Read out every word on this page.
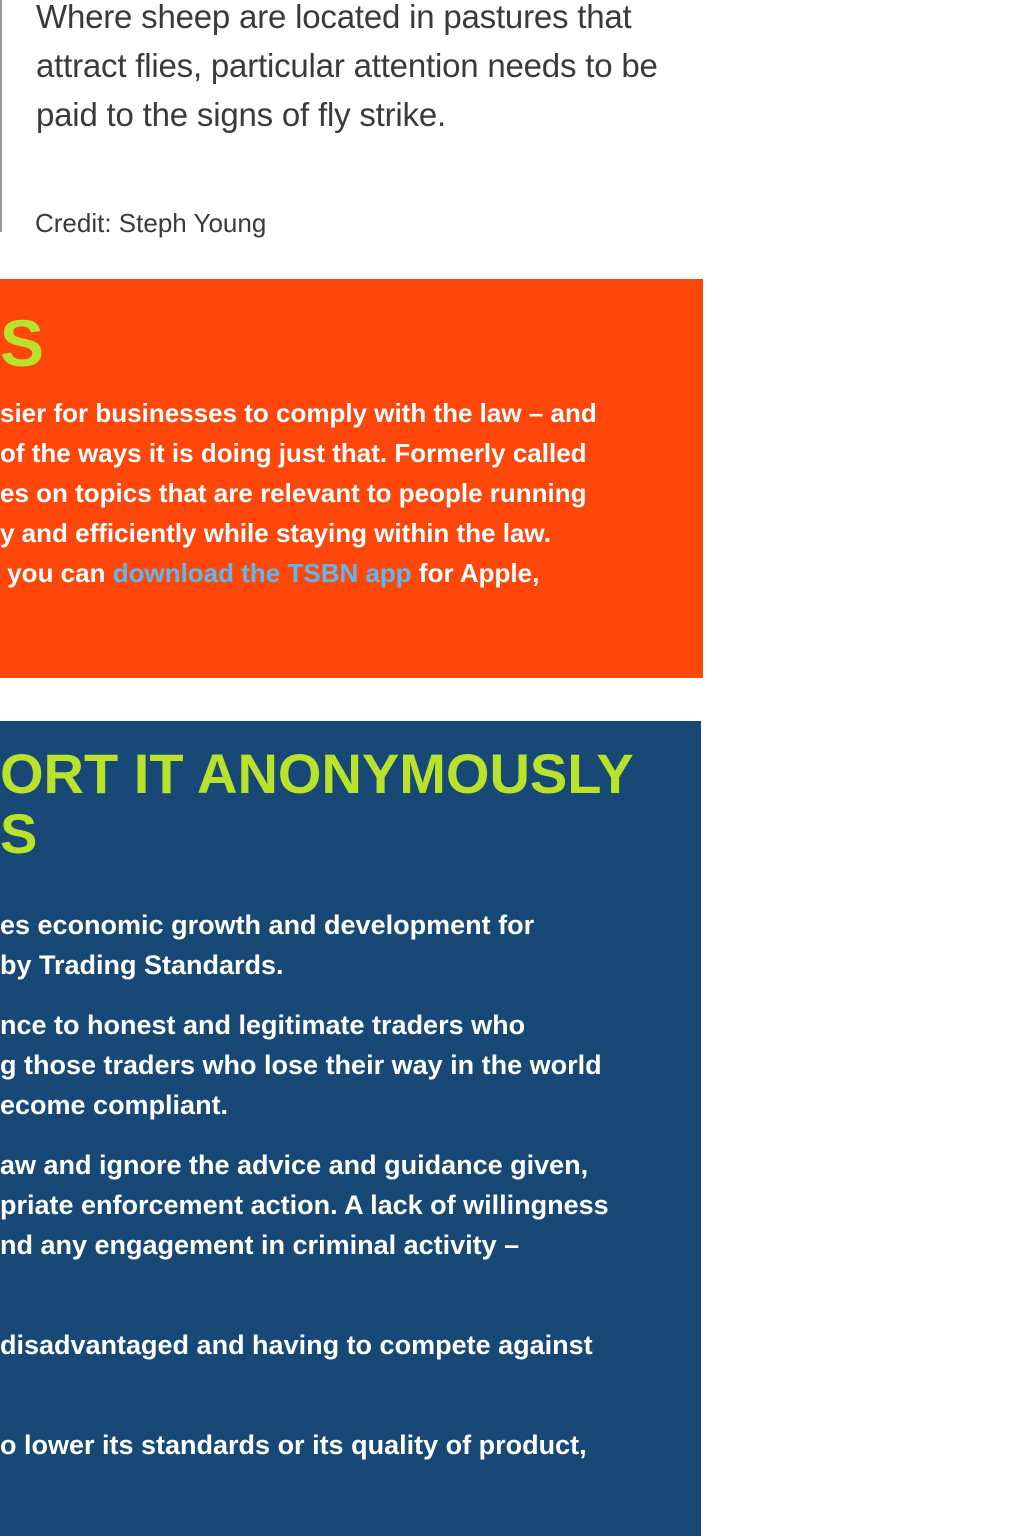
Where sheep are located in pastures that
attract flies, particular attention needs to be
paid to the signs of fly strike.

Credit: Steph Young

S

sier for businesses to comply with the law – and

of the ways it is doing just that. Formerly called

es on topics that are relevant to people running

y and efficiently while staying within the law.

you can download the TSBN app for Apple,

ORT IT ANONYMOUSLY
S

es economic growth and development for

by Trading Standards.

nce to honest and legitimate traders who

g those traders who lose their way in the world

ecome compliant.

aw and ignore the advice and guidance given,

priate enforcement action. A lack of willingness

nd any engagement in criminal activity –

disadvantaged and having to compete against

o lower its standards or its quality of product,
